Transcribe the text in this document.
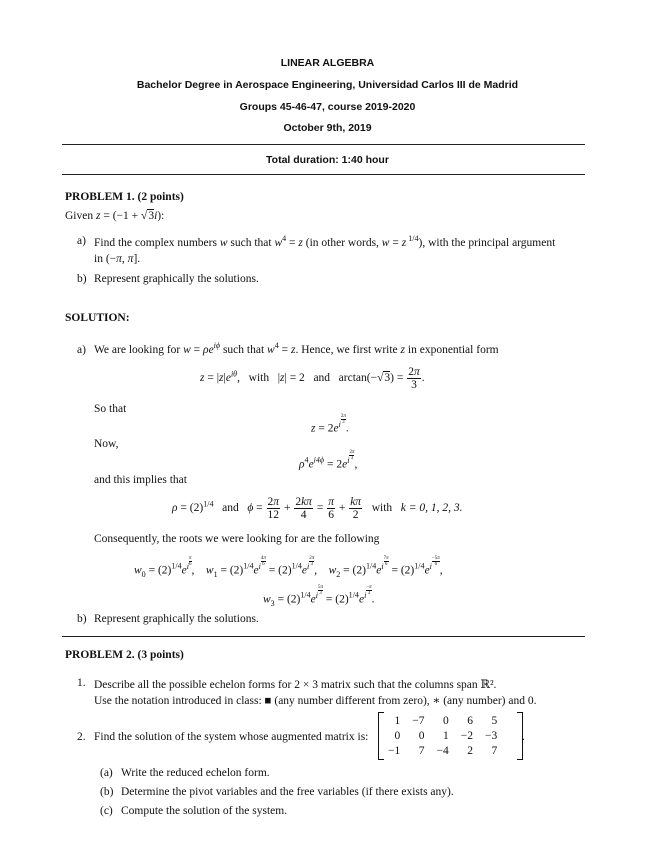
LINEAR ALGEBRA
Bachelor Degree in Aerospace Engineering, Universidad Carlos III de Madrid
Groups 45-46-47, course 2019-2020
October 9th, 2019
Total duration: 1:40 hour
PROBLEM 1. (2 points)
Given z = (−1 + √3i):
a) Find the complex numbers w such that $w^4 = z$ (in other words, w = z $^{1/4}$), with the principal argument
in (−π, π].
b) Represent graphically the solutions.
SOLUTION:
a) We are looking for $w = \rho e^{i\phi}$ such that $w^4 = z$. Hence, we first write z in exponential form
$z = |z|e^{i\theta}$,   with   |z| = 2   and   $\arctan(-√3) = \frac{2\pi}{3}$ .
So that
$z = 2e^{i \frac{2\pi}{3}}$
.
Now,
$\rho^4e^{i4\phi} = 2e^{i \frac{2\pi}{3}}$
,
and this implies that
$\rho = (2)^{1/4}$ and $\phi = \frac{2\pi}{12} + \frac{2k\pi}{4} = \frac{\pi}{6} + \frac{k\pi}{2}$ with k = 0, 1, 2, 3.
Consequently, the roots we were looking for are the following
$w_0 = (2)^{1/4}e^{i \frac{\pi}{6}}$
,    $w_1 = (2)^{1/4}e^{i \frac{4\pi}{6}}$
= $(2)^{1/4}e^{i \frac{2\pi}{3}}$
,    $w_2 = (2)^{1/4}e^{i \frac{7\pi}{6}}$
= $(2)^{1/4}e^{i \frac{-5\pi}{6}}$
,
$w_3 = (2)^{1/4}e^{i \frac{5\pi}{3}}$
= $(2)^{1/4}e^{i \frac{-\pi}{3}}$
.
b) Represent graphically the solutions.
PROBLEM 2. (3 points)
1. Describe all the possible echelon forms for 2 × 3 matrix such that the columns span ℝ².
Use the notation introduced in class: ■ (any number different from zero), ∗ (any number) and 0.
2. Find the solution of the system whose augmented matrix is:
1	−7	0	6	5
0	0	1	−2	−3
−1	7	−4	2	7
.
(a) Write the reduced echelon form.
(b) Determine the pivot variables and the free variables (if there exists any).
(c) Compute the solution of the system.
